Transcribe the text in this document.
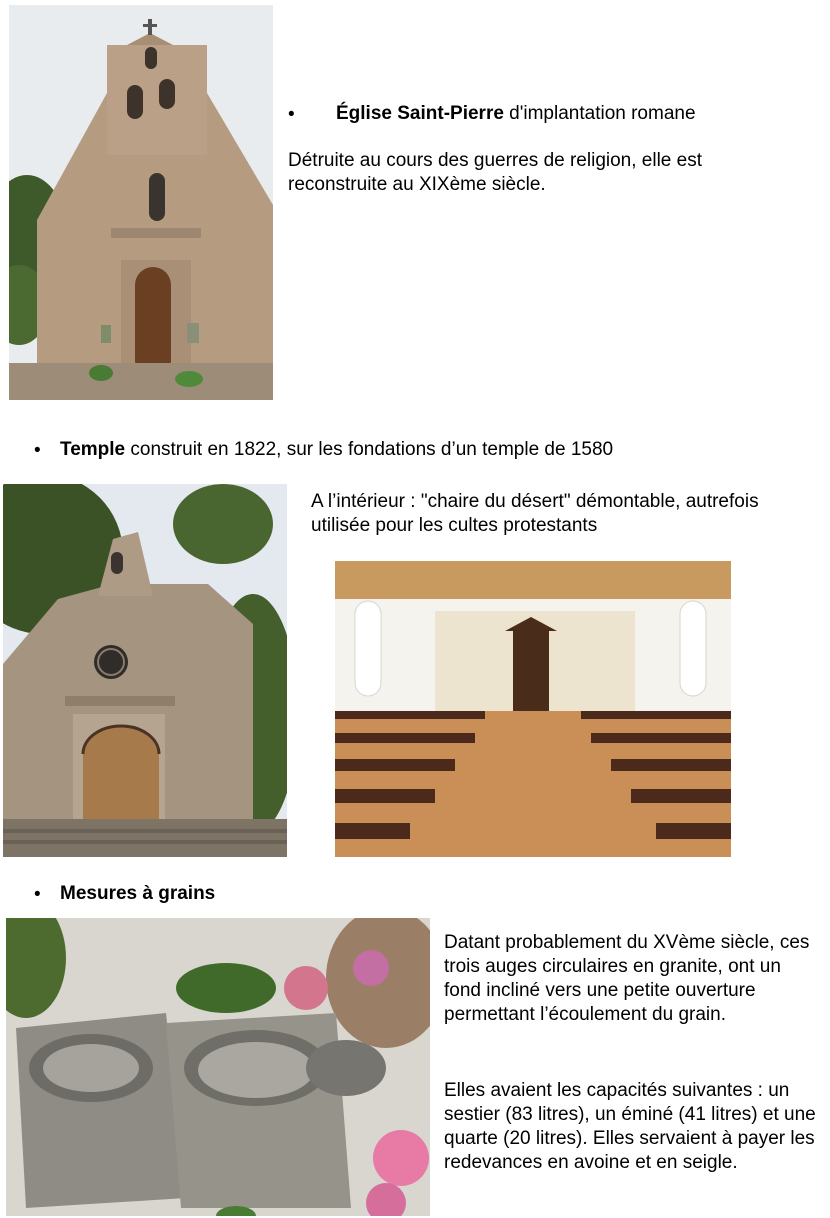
• Église Saint-Pierre d'implantation romane
Détruite au cours des guerres de religion, elle est reconstruite au XIXème siècle.
• Temple construit en 1822, sur les fondations d’un temple de 1580
A l’intérieur : "chaire du désert" démontable, autrefois utilisée pour les cultes protestants
• Mesures à grains
Datant probablement du XVème siècle, ces trois auges circulaires en granite, ont un fond incliné vers une petite ouverture permettant l’écoulement du grain.
Elles avaient les capacités suivantes : un sestier (83 litres), un éminé (41 litres) et une quarte (20 litres). Elles servaient à payer les redevances en avoine et en seigle.
